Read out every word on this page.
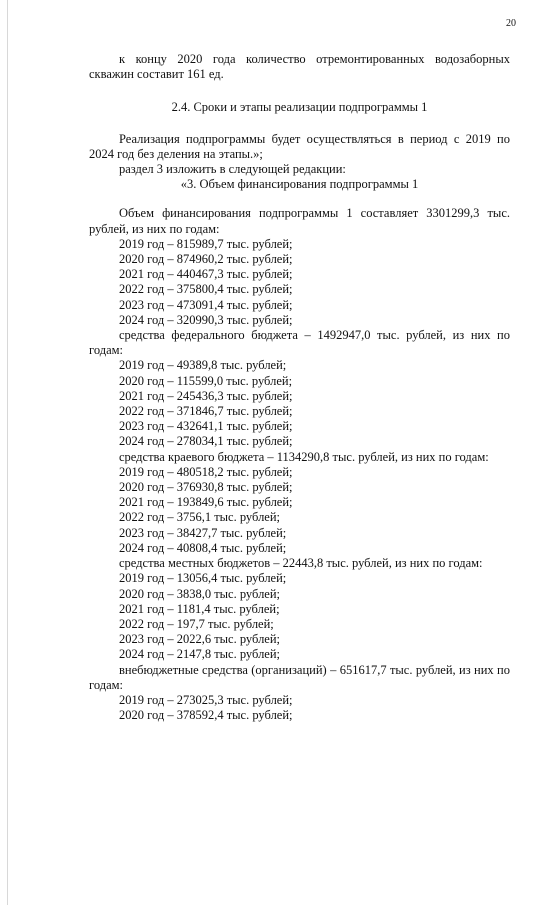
20

к концу 2020 года количество отремонтированных водозаборных скважин составит 161 ед.

2.4. Сроки и этапы реализации подпрограммы 1

Реализация подпрограммы будет осуществляться в период с 2019 по 2024 год без деления на этапы.»;

раздел 3 изложить в следующей редакции:

«3. Объем финансирования подпрограммы 1

Объем финансирования подпрограммы 1 составляет 3301299,3 тыс. рублей, из них по годам:

2019 год – 815989,7 тыс. рублей;

2020 год – 874960,2 тыс. рублей;

2021 год – 440467,3 тыс. рублей;

2022 год – 375800,4 тыс. рублей;

2023 год – 473091,4 тыс. рублей;

2024 год – 320990,3 тыс. рублей;

средства федерального бюджета – 1492947,0 тыс. рублей, из них по годам:

2019 год – 49389,8 тыс. рублей;

2020 год – 115599,0 тыс. рублей;

2021 год – 245436,3 тыс. рублей;

2022 год – 371846,7 тыс. рублей;

2023 год – 432641,1 тыс. рублей;

2024 год – 278034,1 тыс. рублей;

средства краевого бюджета – 1134290,8 тыс. рублей, из них по годам:

2019 год – 480518,2 тыс. рублей;

2020 год – 376930,8 тыс. рублей;

2021 год – 193849,6 тыс. рублей;

2022 год – 3756,1 тыс. рублей;

2023 год – 38427,7 тыс. рублей;

2024 год – 40808,4 тыс. рублей;

средства местных бюджетов – 22443,8 тыс. рублей, из них по годам:

2019 год – 13056,4 тыс. рублей;

2020 год – 3838,0 тыс. рублей;

2021 год – 1181,4 тыс. рублей;

2022 год – 197,7 тыс. рублей;

2023 год – 2022,6 тыс. рублей;

2024 год – 2147,8 тыс. рублей;

внебюджетные средства (организаций) – 651617,7 тыс. рублей, из них по годам:

2019 год – 273025,3 тыс. рублей;

2020 год – 378592,4 тыс. рублей;
